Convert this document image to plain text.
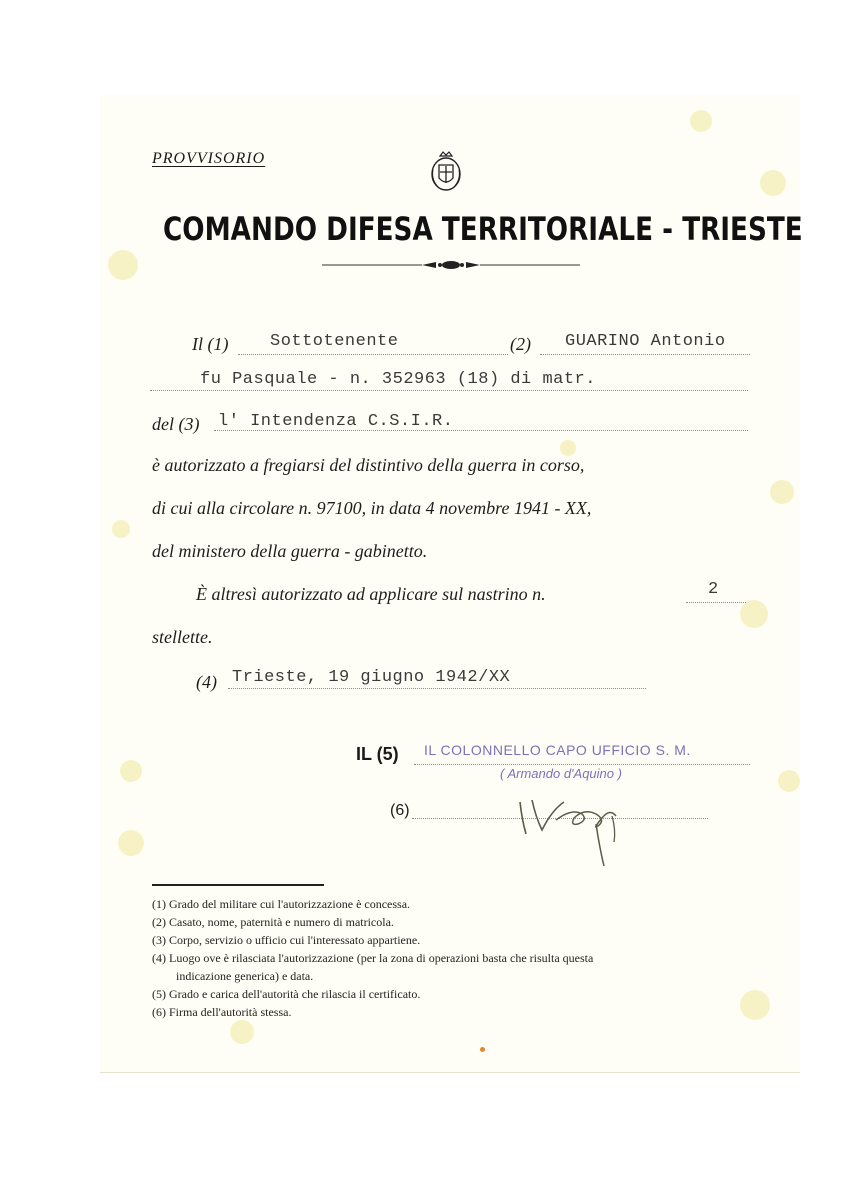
PROVVISORIO
COMANDO DIFESA TERRITORIALE - TRIESTE
Il (1) Sottotenente	(2) GUARINO Antonio
fu Pasquale - n. 352963 (18) di matr.
del (3) l' Intendenza C.S.I.R.
è autorizzato a fregiarsi del distintivo della guerra in corso,
di cui alla circolare n. 97100, in data 4 novembre 1941 - XX,
del ministero della guerra - gabinetto.
È altresì autorizzato ad applicare sul nastrino n.	2
stellette.
(4) Trieste, 19 giugno 1942/XX
IL (5) IL COLONNELLO CAPO UFFICIO S. M.
( Armando d'Aquino )
(6)
(1) Grado del militare cui l'autorizzazione è concessa.
(2) Casato, nome, paternità e numero di matricola.
(3) Corpo, servizio o ufficio cui l'interessato appartiene.
(4) Luogo ove è rilasciata l'autorizzazione (per la zona di operazioni basta che risulta questa
indicazione generica) e data.
(5) Grado e carica dell'autorità che rilascia il certificato.
(6) Firma dell'autorità stessa.
